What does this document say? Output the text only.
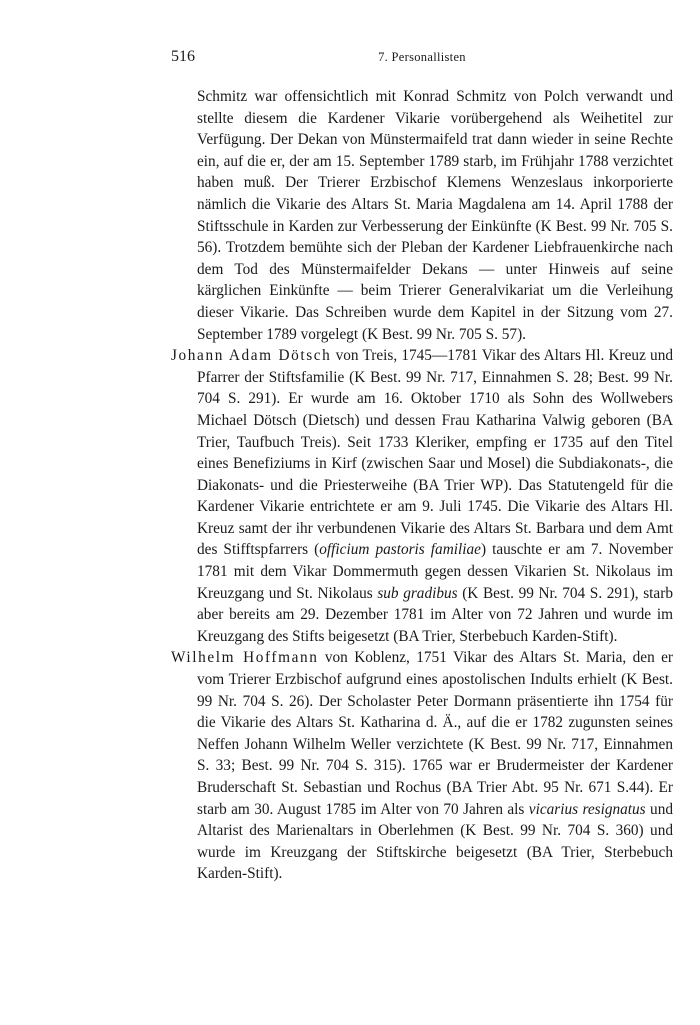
516	7. Personallisten

Schmitz war offensichtlich mit Konrad Schmitz von Polch verwandt und stellte diesem die Kardener Vikarie vorübergehend als Weihetitel zur Verfügung. Der Dekan von Münstermaifeld trat dann wieder in seine Rechte ein, auf die er, der am 15. September 1789 starb, im Frühjahr 1788 verzichtet haben muß. Der Trierer Erzbischof Klemens Wenzeslaus inkorporierte nämlich die Vikarie des Altars St. Maria Magdalena am 14. April 1788 der Stiftsschule in Karden zur Verbesserung der Einkünfte (K Best. 99 Nr. 705 S. 56). Trotzdem bemühte sich der Pleban der Kardener Liebfrauenkirche nach dem Tod des Münstermaifelder Dekans — unter Hinweis auf seine kärglichen Einkünfte — beim Trierer Generalvikariat um die Verleihung dieser Vikarie. Das Schreiben wurde dem Kapitel in der Sitzung vom 27. September 1789 vorgelegt (K Best. 99 Nr. 705 S. 57).

Johann Adam Dötsch von Treis, 1745—1781 Vikar des Altars Hl. Kreuz und Pfarrer der Stiftsfamilie (K Best. 99 Nr. 717, Einnahmen S. 28; Best. 99 Nr. 704 S. 291). Er wurde am 16. Oktober 1710 als Sohn des Wollwebers Michael Dötsch (Dietsch) und dessen Frau Katharina Valwig geboren (BA Trier, Taufbuch Treis). Seit 1733 Kleriker, empfing er 1735 auf den Titel eines Benefiziums in Kirf (zwischen Saar und Mosel) die Subdiakonats-, die Diakonats- und die Priesterweihe (BA Trier WP). Das Statutengeld für die Kardener Vikarie entrichtete er am 9. Juli 1745. Die Vikarie des Altars Hl. Kreuz samt der ihr verbundenen Vikarie des Altars St. Barbara und dem Amt des Stifftspfarrers (officium pastoris familiae) tauschte er am 7. November 1781 mit dem Vikar Dommermuth gegen dessen Vikarien St. Nikolaus im Kreuzgang und St. Nikolaus sub gradibus (K Best. 99 Nr. 704 S. 291), starb aber bereits am 29. Dezember 1781 im Alter von 72 Jahren und wurde im Kreuzgang des Stifts beigesetzt (BA Trier, Sterbebuch Karden-Stift).

Wilhelm Hoffmann von Koblenz, 1751 Vikar des Altars St. Maria, den er vom Trierer Erzbischof aufgrund eines apostolischen Indults erhielt (K Best. 99 Nr. 704 S. 26). Der Scholaster Peter Dormann präsentierte ihn 1754 für die Vikarie des Altars St. Katharina d. Ä., auf die er 1782 zugunsten seines Neffen Johann Wilhelm Weller verzichtete (K Best. 99 Nr. 717, Einnahmen S. 33; Best. 99 Nr. 704 S. 315). 1765 war er Brudermeister der Kardener Bruderschaft St. Sebastian und Rochus (BA Trier Abt. 95 Nr. 671 S.44). Er starb am 30. August 1785 im Alter von 70 Jahren als vicarius resignatus und Altarist des Marienaltars in Oberlehmen (K Best. 99 Nr. 704 S. 360) und wurde im Kreuzgang der Stiftskirche beigesetzt (BA Trier, Sterbebuch Karden-Stift).
